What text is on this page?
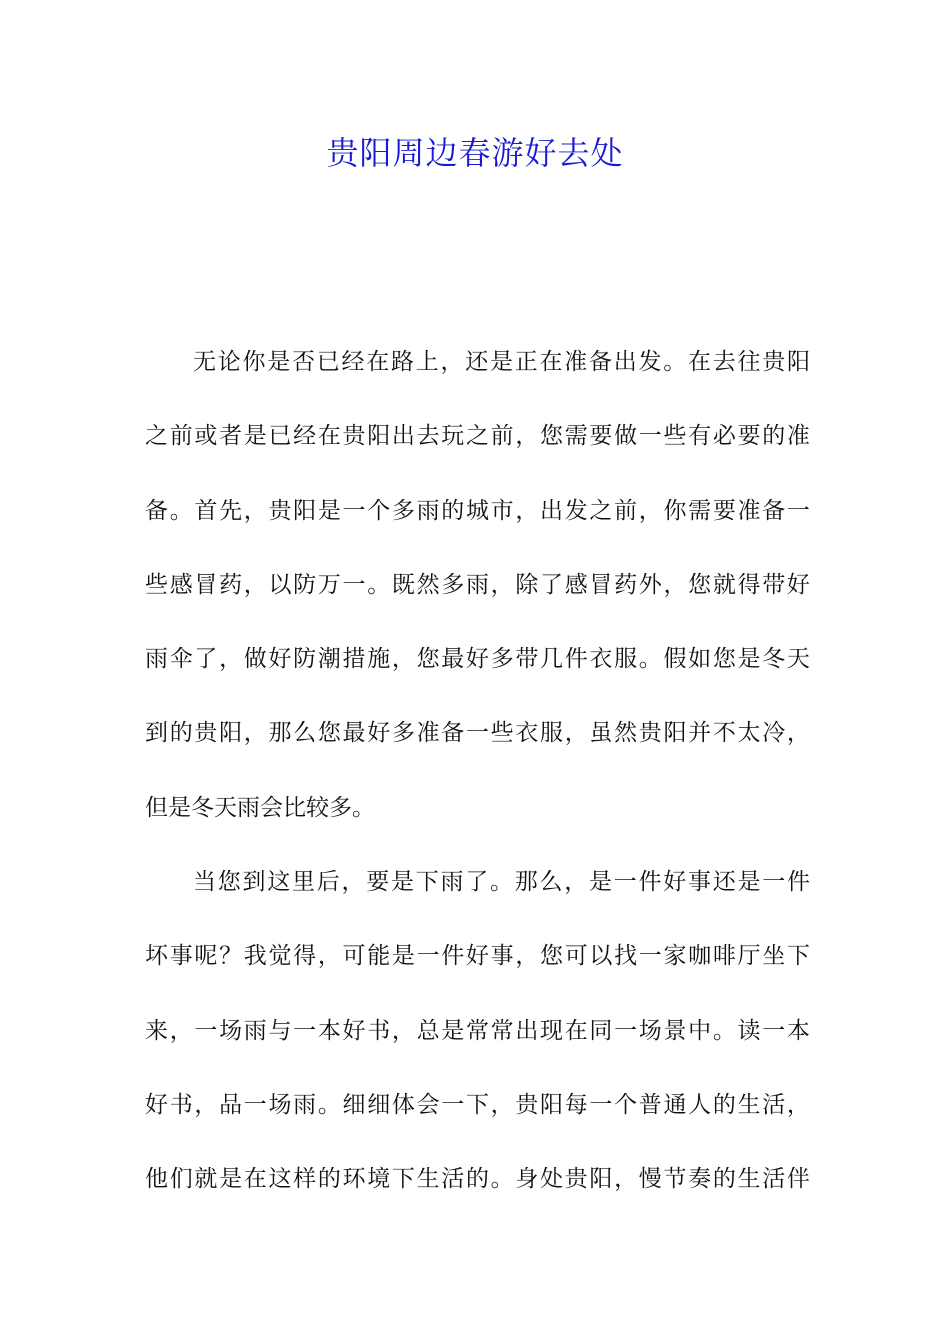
贵阳周边春游好去处
无 论 你 是 否 已 经 在 路 上 ， 还 是 正 在 准 备 出 发 。 在 去 往 贵 阳
之 前 或 者 是 已 经 在 贵 阳 出 去 玩 之 前 ， 您 需 要 做 一 些 有 必 要 的 准
备 。 首 先 ， 贵 阳 是 一 个 多 雨 的 城 市 ， 出 发 之 前 ， 你 需 要 准 备 一
些 感 冒 药 ， 以 防 万 一 。 既 然 多 雨 ， 除 了 感 冒 药 外 ， 您 就 得 带 好
雨 伞 了 ， 做 好 防 潮 措 施 ， 您 最 好 多 带 几 件 衣 服 。 假 如 您 是 冬 天
到 的 贵 阳 ， 那 么 您 最 好 多 准 备 一 些 衣 服 ， 虽 然 贵 阳 并 不 太 冷 ，
但是冬天雨会比较多。
当 您 到 这 里 后 ， 要 是 下 雨 了 。 那 么 ， 是 一 件 好 事 还 是 一 件
坏 事 呢 ？ 我 觉 得 ， 可 能 是 一 件 好 事 ， 您 可 以 找 一 家 咖 啡 厅 坐 下
来 ， 一 场 雨 与 一 本 好 书 ， 总 是 常 常 出 现 在 同 一 场 景 中 。 读 一 本
好 书 ， 品 一 场 雨 。 细 细 体 会 一 下 ， 贵 阳 每 一 个 普 通 人 的 生 活 ，
他 们 就 是 在 这 样 的 环 境 下 生 活 的 。 身 处 贵 阳 ， 慢 节 奏 的 生 活 伴
